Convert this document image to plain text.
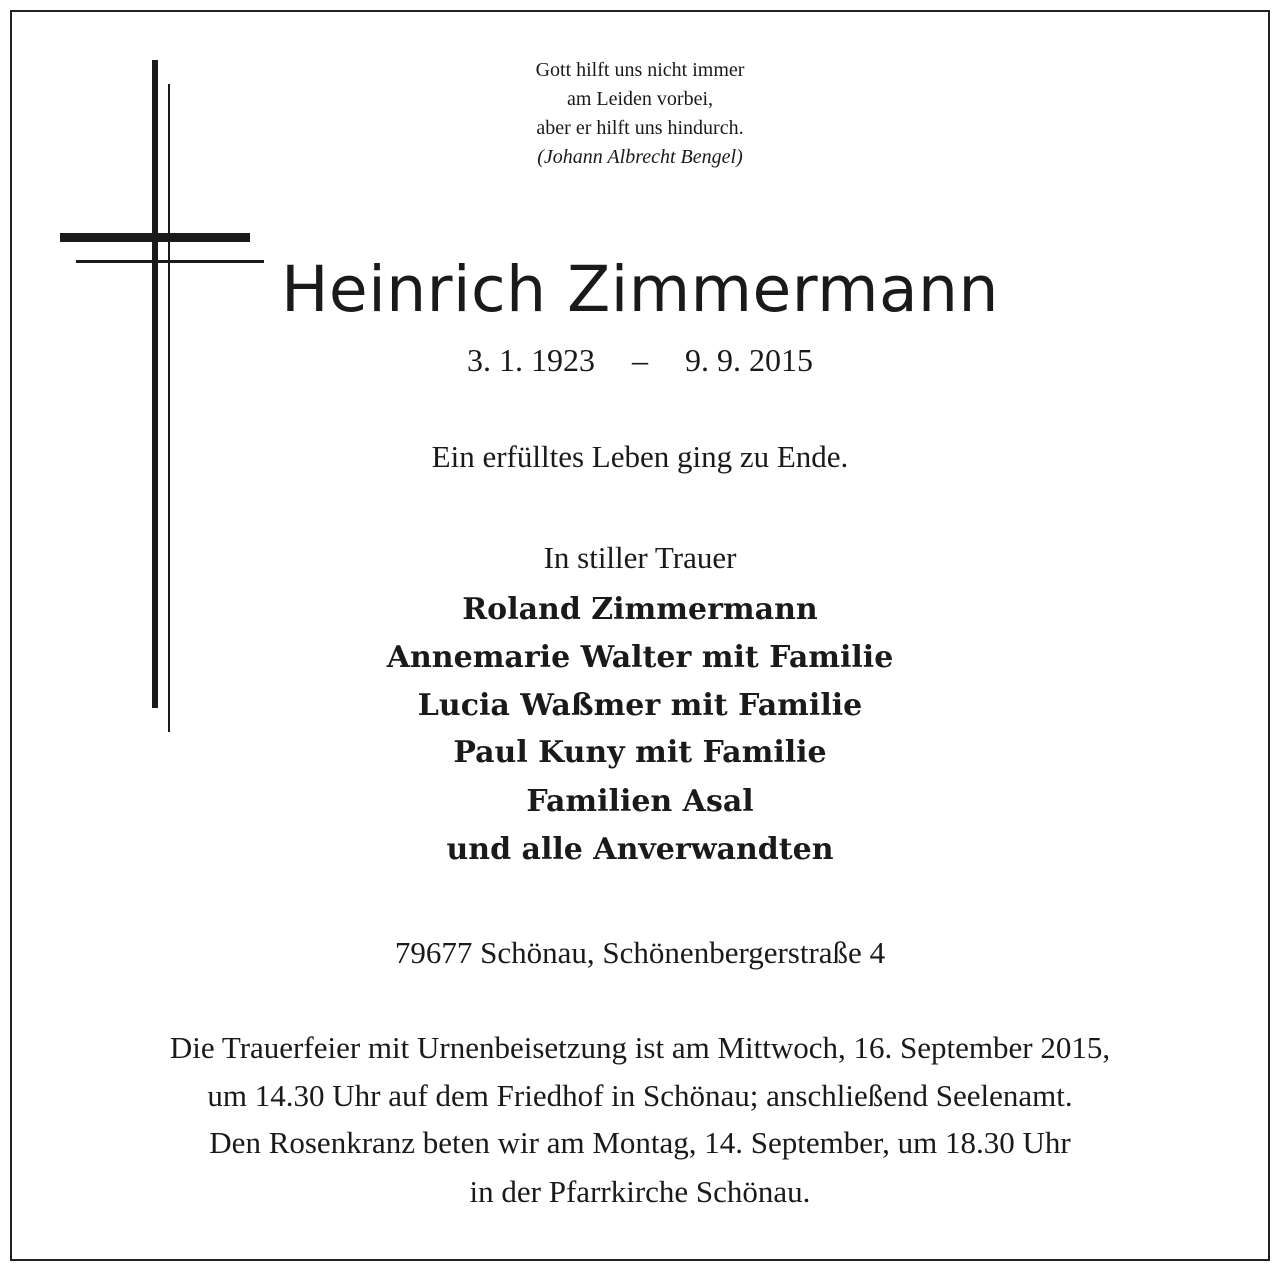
Gott hilft uns nicht immer
am Leiden vorbei,
aber er hilft uns hindurch.
(Johann Albrecht Bengel)
Heinrich Zimmermann
3. 1. 1923 – 9. 9. 2015
Ein erfülltes Leben ging zu Ende.
In stiller Trauer
Roland Zimmermann
Annemarie Walter mit Familie
Lucia Waßmer mit Familie
Paul Kuny mit Familie
Familien Asal
und alle Anverwandten
79677 Schönau, Schönenbergerstraße 4
Die Trauerfeier mit Urnenbeisetzung ist am Mittwoch, 16. September 2015,
um 14.30 Uhr auf dem Friedhof in Schönau; anschließend Seelenamt.
Den Rosenkranz beten wir am Montag, 14. September, um 18.30 Uhr
in der Pfarrkirche Schönau.
